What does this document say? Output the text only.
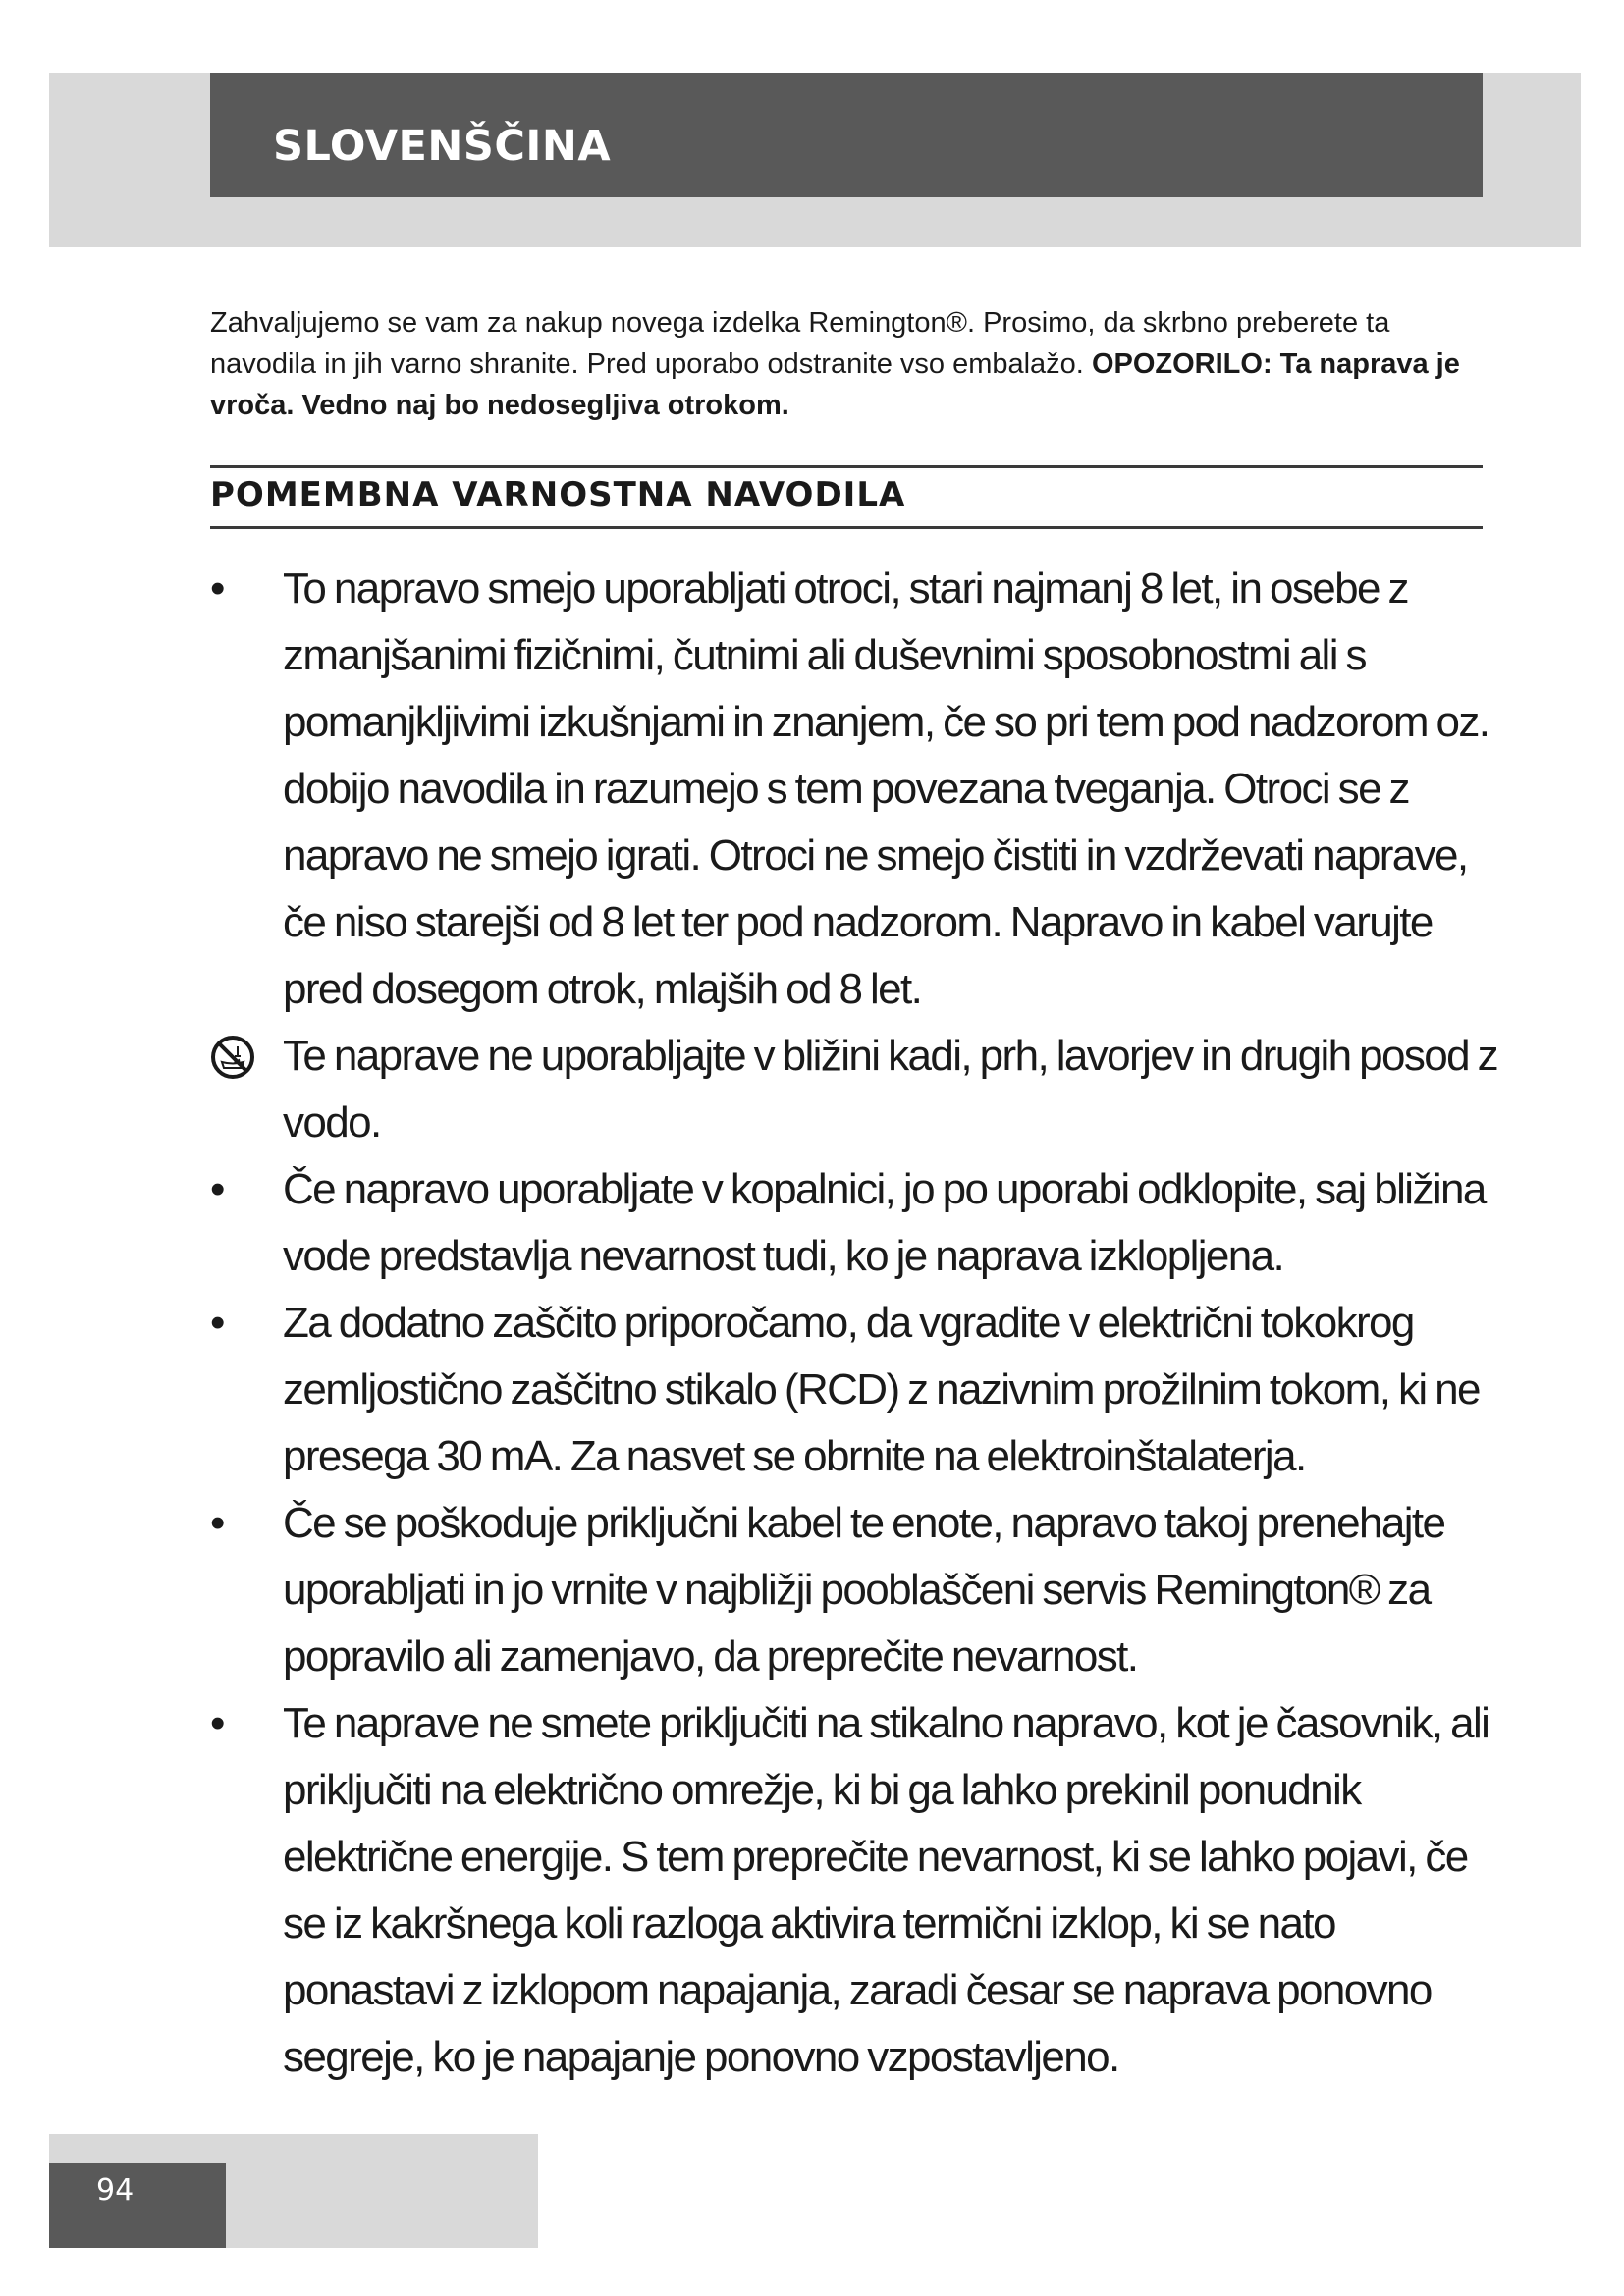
SLOVENŠČINA

Zahvaljujemo se vam za nakup novega izdelka Remington®. Prosimo, da skrbno preberete ta navodila in jih varno shranite. Pred uporabo odstranite vso embalažo. OPOZORILO: Ta naprava je vroča. Vedno naj bo nedosegljiva otrokom.

POMEMBNA VARNOSTNA NAVODILA
•	To napravo smejo uporabljati otroci, stari najmanj 8 let, in osebe z zmanjšanimi fizičnimi, čutnimi ali duševnimi sposobnostmi ali s pomanjkljivimi izkušnjami in znanjem, če so pri tem pod nadzorom oz. dobijo navodila in razumejo s tem povezana tveganja. Otroci se z napravo ne smejo igrati. Otroci ne smejo čistiti in vzdrževati naprave, če niso starejši od 8 let ter pod nadzorom. Napravo in kabel varujte pred dosegom otrok, mlajših od 8 let.
Te naprave ne uporabljajte v bližini kadi, prh, lavorjev in drugih posod z vodo.
•	Če napravo uporabljate v kopalnici, jo po uporabi odklopite, saj bližina vode predstavlja nevarnost tudi, ko je naprava izklopljena.
•	Za dodatno zaščito priporočamo, da vgradite v električni tokokrog zemljostično zaščitno stikalo (RCD) z nazivnim prožilnim tokom, ki ne presega 30 mA. Za nasvet se obrnite na elektroinštalaterja.
•	Če se poškoduje priključni kabel te enote, napravo takoj prenehajte uporabljati in jo vrnite v najbližji pooblaščeni servis Remington® za popravilo ali zamenjavo, da preprečite nevarnost.
•	Te naprave ne smete priključiti na stikalno napravo, kot je časovnik, ali priključiti na električno omrežje, ki bi ga lahko prekinil ponudnik električne energije. S tem preprečite nevarnost, ki se lahko pojavi, če se iz kakršnega koli razloga aktivira termični izklop, ki se nato ponastavi z izklopom napajanja, zaradi česar se naprava ponovno segreje, ko je napajanje ponovno vzpostavljeno.

94
